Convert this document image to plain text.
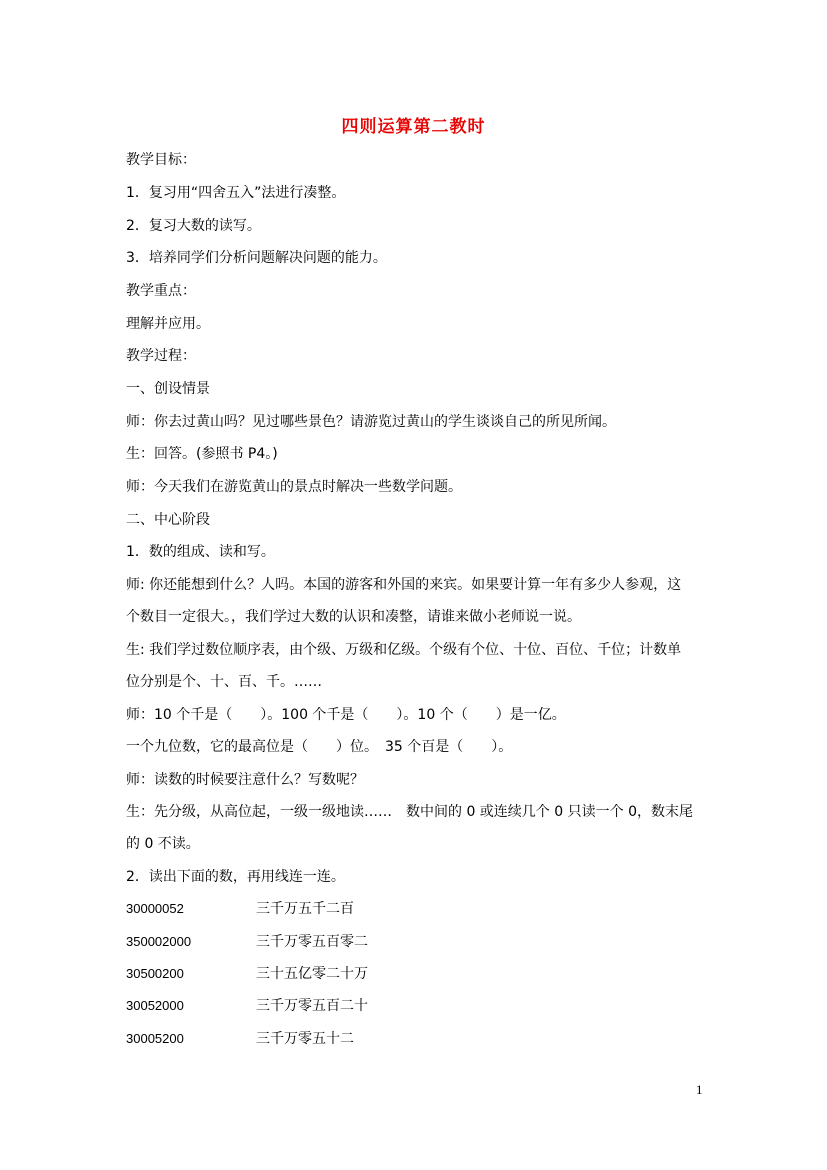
四则运算第二教时
教学目标：
1．复习用“四舍五入”法进行凑整。
2．复习大数的读写。
3．培养同学们分析问题解决问题的能力。
教学重点：
理解并应用。
教学过程：
一、创设情景
师：你去过黄山吗？见过哪些景色？请游览过黄山的学生谈谈自己的所见所闻。
生：回答。(参照书 P4。)
师：今天我们在游览黄山的景点时解决一些数学问题。
二、中心阶段
1．数的组成、读和写。
师: 你还能想到什么？人吗。本国的游客和外国的来宾。如果要计算一年有多少人参观，这
个数目一定很大。，我们学过大数的认识和凑整，请谁来做小老师说一说。
生: 我们学过数位顺序表，由个级、万级和亿级。个级有个位、十位、百位、千位；计数单
位分别是个、十、百、千。……
师：10 个千是（　　）。100 个千是（　　）。10 个（　　）是一亿。
一个九位数，它的最高位是（　　）位。　35 个百是（　　）。
师：读数的时候要注意什么？写数呢？
生：先分级，从高位起，一级一级地读……　数中间的 0 或连续几个 0 只读一个 0，数末尾
的 0 不读。
2．读出下面的数，再用线连一连。
30000052	三千万五千二百
350002000	三千万零五百零二
30500200	三十五亿零二十万
30052000	三千万零五百二十
30005200	三千万零五十二
1
